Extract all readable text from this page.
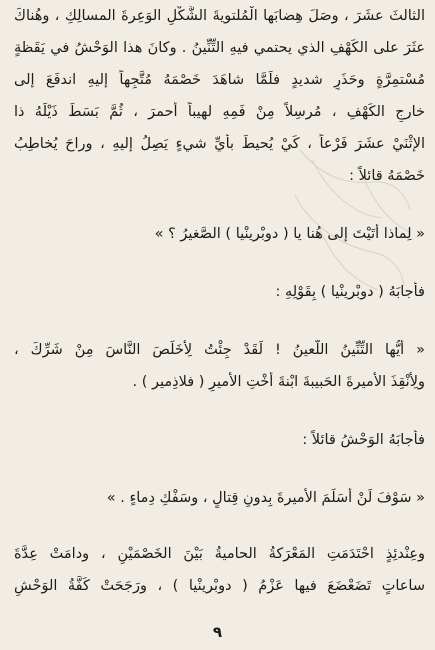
الثالثَ عشَرَ ، وصَلَ هِضابَها الْمُلتويةَ الشَّكْلِ الوَعِرةَ المسالِكِ ، وهُناكَ
عثَرَ على الكَهْفِ الذي يحتمي فيهِ التِّنِّينُ . وكانَ هذا الوَحْشُ في يَقَظةٍ
مُسْتمِرَّةٍ وحَذَرٍ شديدٍ فلَمَّا شاهَدَ خَصْمَهُ مُتَّجِهاً إليهِ اندفَعَ إلى
خارجِ الكَهْفِ ، مُرسِلاً مِنْ فَمِهِ لهيباً أحمرَ ، ثُمَّ بَسَطَ ذَيْلَهُ ذا
الإثْنَيْ عشَرَ فَرْعاً ، كَيْ يُحيطَ بأيِّ شيءٍ يَصِلُ إليهِ ، وراحَ يُخاطِبُ
خَصْمَهُ قائلاً :
« لِماذا أَتَيْتَ إلى هُنا يا ( دوبْرينْيا ) الصَّغيرُ ؟ »
فأجابَهُ ( دوبْرينْيا ) بِقَوْلِهِ :
« أيُّها التِّنِّينُ اللَّعينُ ! لَقَدْ جِئْتُ لِأُخَلِّصَ النَّاسَ مِنْ شَرِّكَ ،
ولِأُنْقِذَ الأَميرةَ الحَبيبةَ ابْنةَ أُخْتِ الأَميرِ ( فلاذِمير ) .
فأجابَهُ الوَحْشُ قائلاً :
« سَوْفَ لَنْ أُسَلِّمَ الأَميرةَ بِدونِ قِتالٍ ، وسَفْكِ دِماءٍ . »
وعِنْدئِذٍ احْتَدَمَتِ المَعْرَكةُ الحاميةُ بَيْنَ الخَصْمَيْنِ ، ودامَتْ عِدَّةَ
ساعاتٍ تَضَعْضَعَ فيها عَزْمُ ( دوبْرينْيا ) ، ورَجَحَتْ كَفَّةُ الوَحْشِ
٩
